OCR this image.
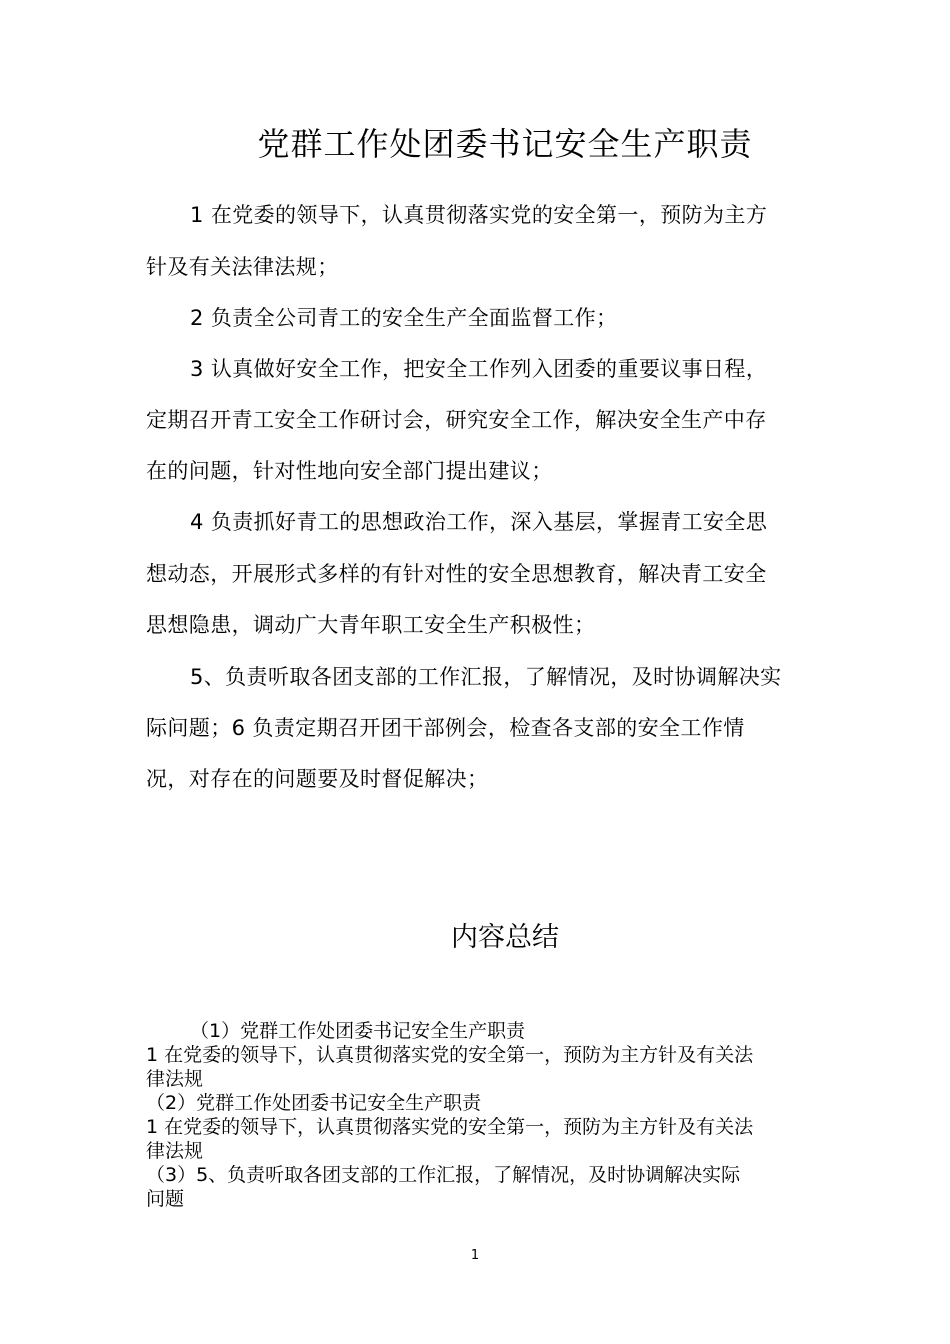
党群工作处团委书记安全生产职责
1 在党委的领导下，认真贯彻落实党的安全第一，预防为主方
针及有关法律法规；
2 负责全公司青工的安全生产全面监督工作；
3 认真做好安全工作，把安全工作列入团委的重要议事日程，
定期召开青工安全工作研讨会，研究安全工作，解决安全生产中存
在的问题，针对性地向安全部门提出建议；
4 负责抓好青工的思想政治工作，深入基层，掌握青工安全思
想动态，开展形式多样的有针对性的安全思想教育，解决青工安全
思想隐患，调动广大青年职工安全生产积极性；
5、负责听取各团支部的工作汇报，了解情况，及时协调解决实
际问题；6 负责定期召开团干部例会，检查各支部的安全工作情
况，对存在的问题要及时督促解决；
内容总结
（1）党群工作处团委书记安全生产职责
1 在党委的领导下，认真贯彻落实党的安全第一，预防为主方针及有关法
律法规
（2）党群工作处团委书记安全生产职责
1 在党委的领导下，认真贯彻落实党的安全第一，预防为主方针及有关法
律法规
（3）5、负责听取各团支部的工作汇报，了解情况，及时协调解决实际
问题
1
